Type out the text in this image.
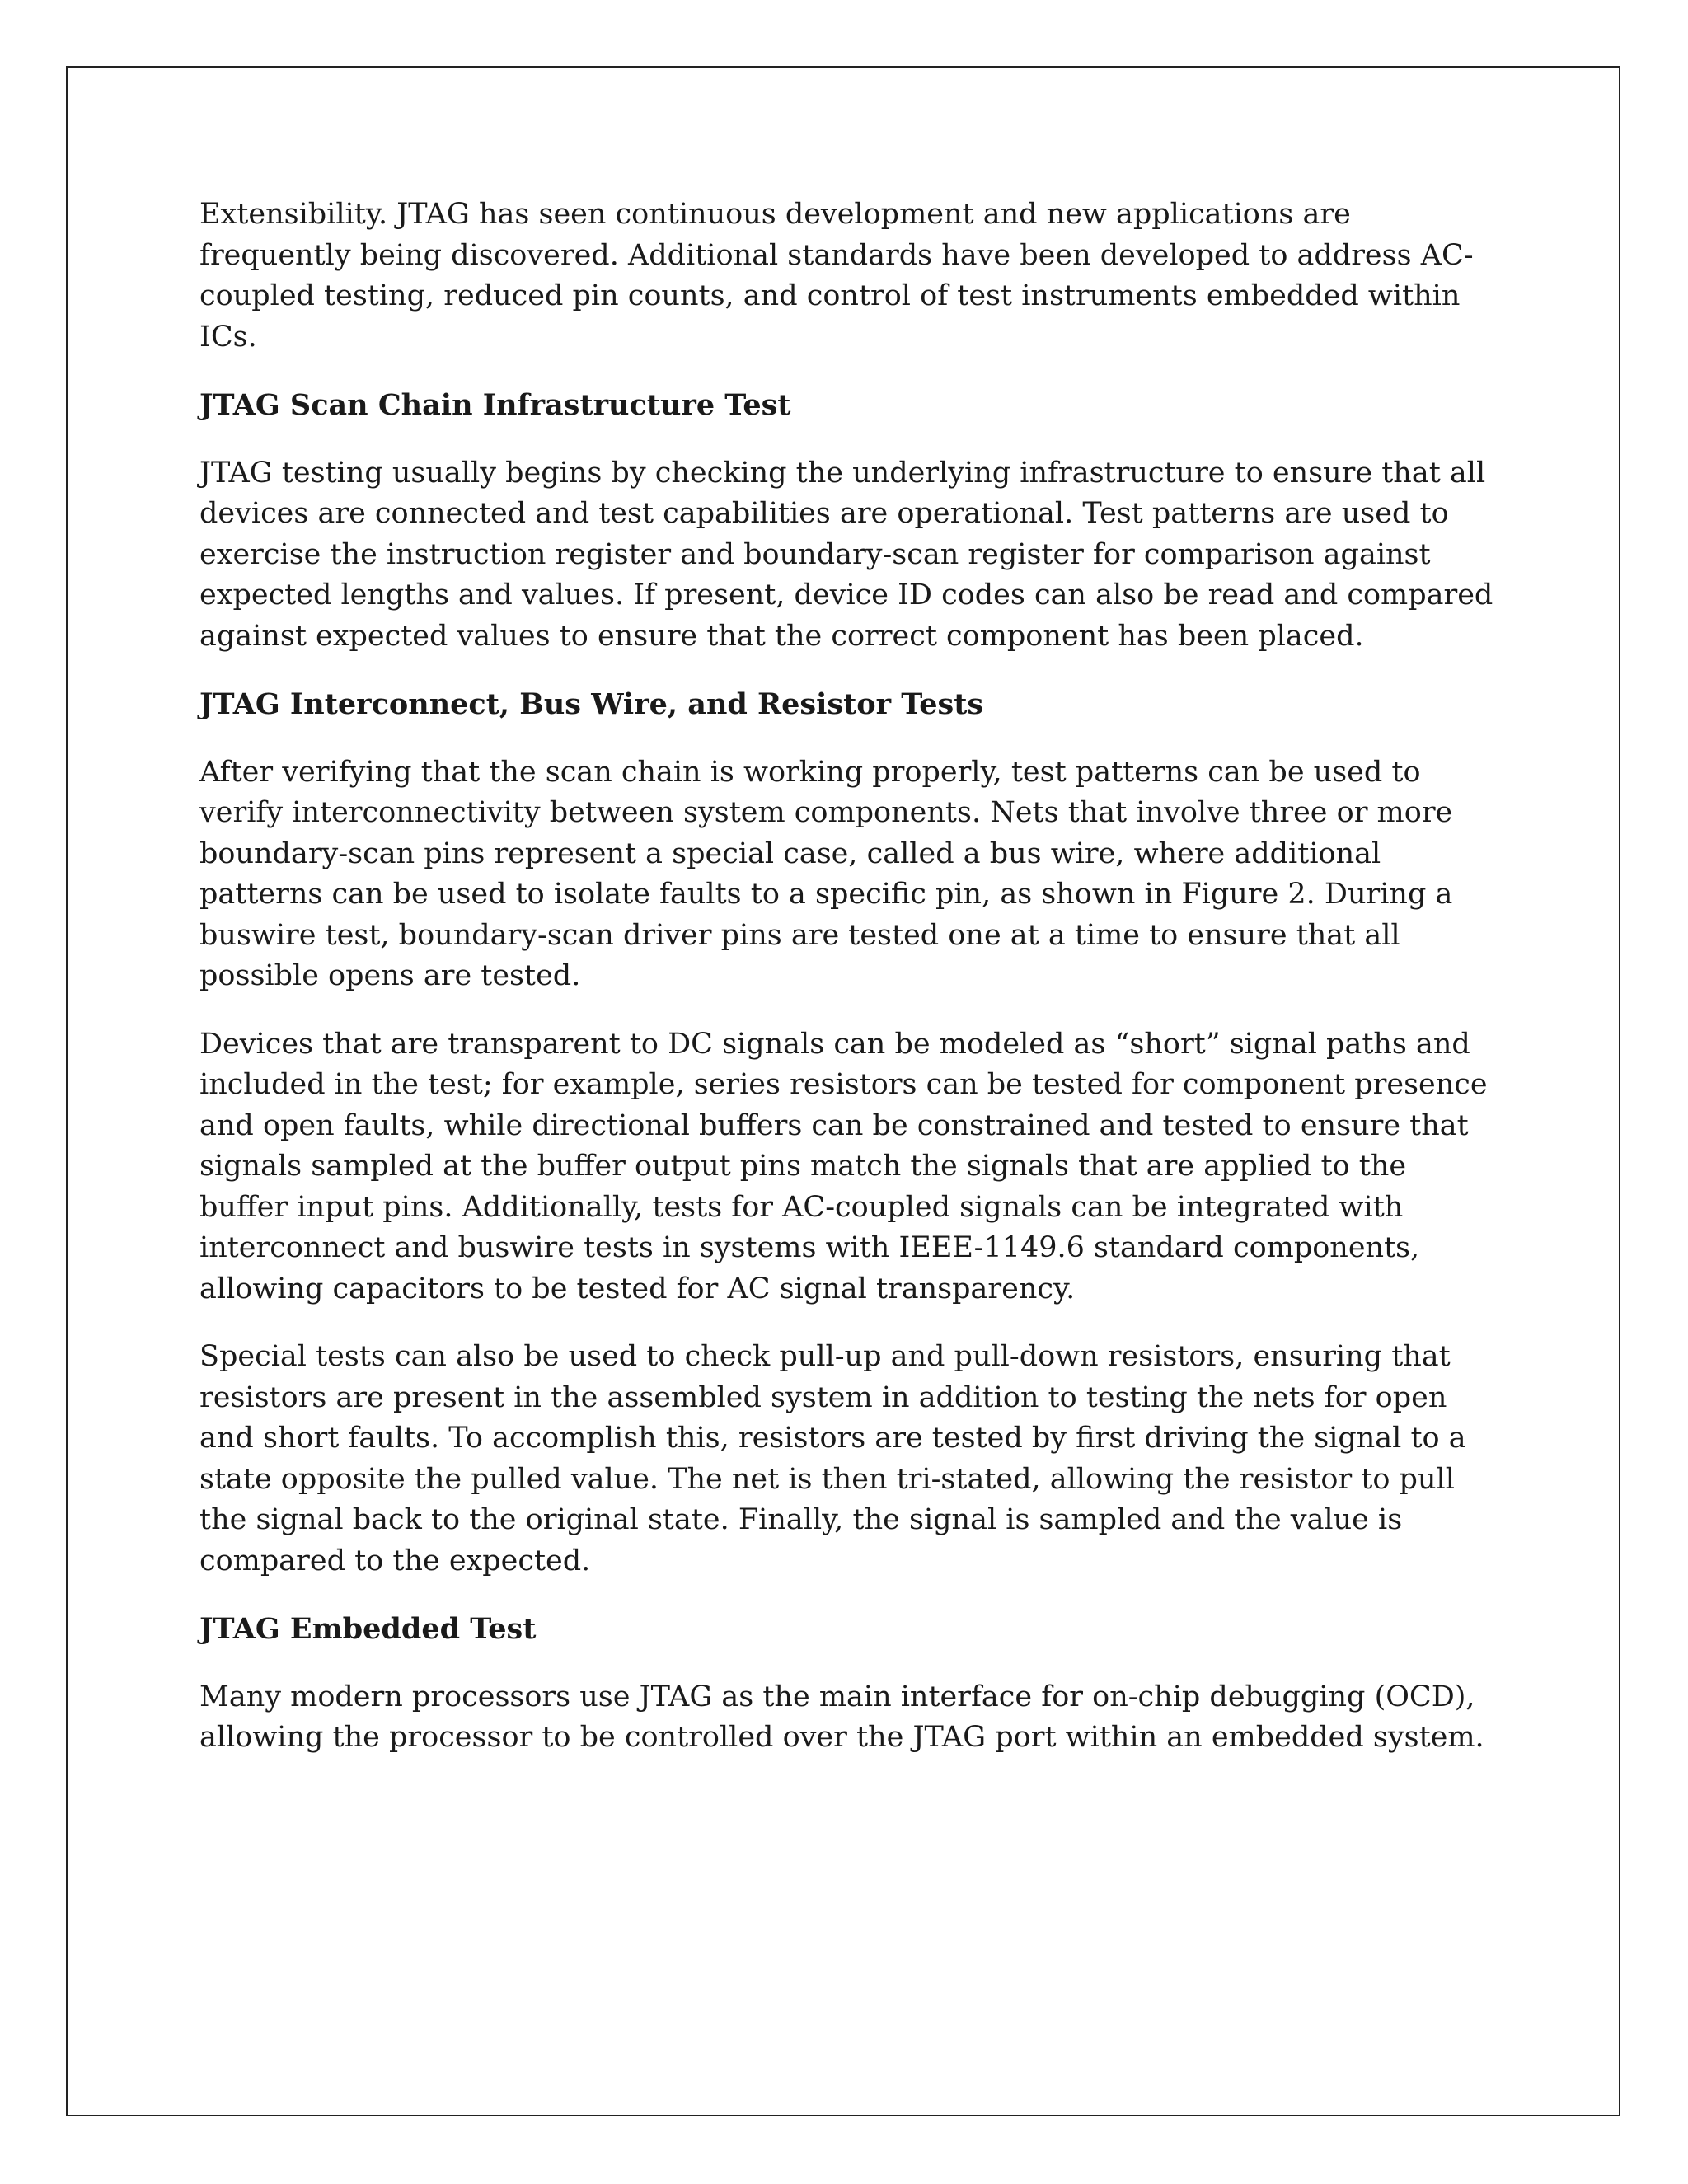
Extensibility. JTAG has seen continuous development and new applications are frequently being discovered. Additional standards have been developed to address AC-coupled testing, reduced pin counts, and control of test instruments embedded within ICs.

JTAG Scan Chain Infrastructure Test

JTAG testing usually begins by checking the underlying infrastructure to ensure that all devices are connected and test capabilities are operational. Test patterns are used to exercise the instruction register and boundary-scan register for comparison against expected lengths and values. If present, device ID codes can also be read and compared against expected values to ensure that the correct component has been placed.

JTAG Interconnect, Bus Wire, and Resistor Tests

After verifying that the scan chain is working properly, test patterns can be used to verify interconnectivity between system components. Nets that involve three or more boundary-scan pins represent a special case, called a bus wire, where additional patterns can be used to isolate faults to a specific pin, as shown in Figure 2. During a buswire test, boundary-scan driver pins are tested one at a time to ensure that all possible opens are tested.

Devices that are transparent to DC signals can be modeled as “short” signal paths and included in the test; for example, series resistors can be tested for component presence and open faults, while directional buffers can be constrained and tested to ensure that signals sampled at the buffer output pins match the signals that are applied to the buffer input pins. Additionally, tests for AC-coupled signals can be integrated with interconnect and buswire tests in systems with IEEE-1149.6 standard components, allowing capacitors to be tested for AC signal transparency.

Special tests can also be used to check pull-up and pull-down resistors, ensuring that resistors are present in the assembled system in addition to testing the nets for open and short faults. To accomplish this, resistors are tested by first driving the signal to a state opposite the pulled value. The net is then tri-stated, allowing the resistor to pull the signal back to the original state. Finally, the signal is sampled and the value is compared to the expected.

JTAG Embedded Test

Many modern processors use JTAG as the main interface for on-chip debugging (OCD), allowing the processor to be controlled over the JTAG port within an embedded system.
